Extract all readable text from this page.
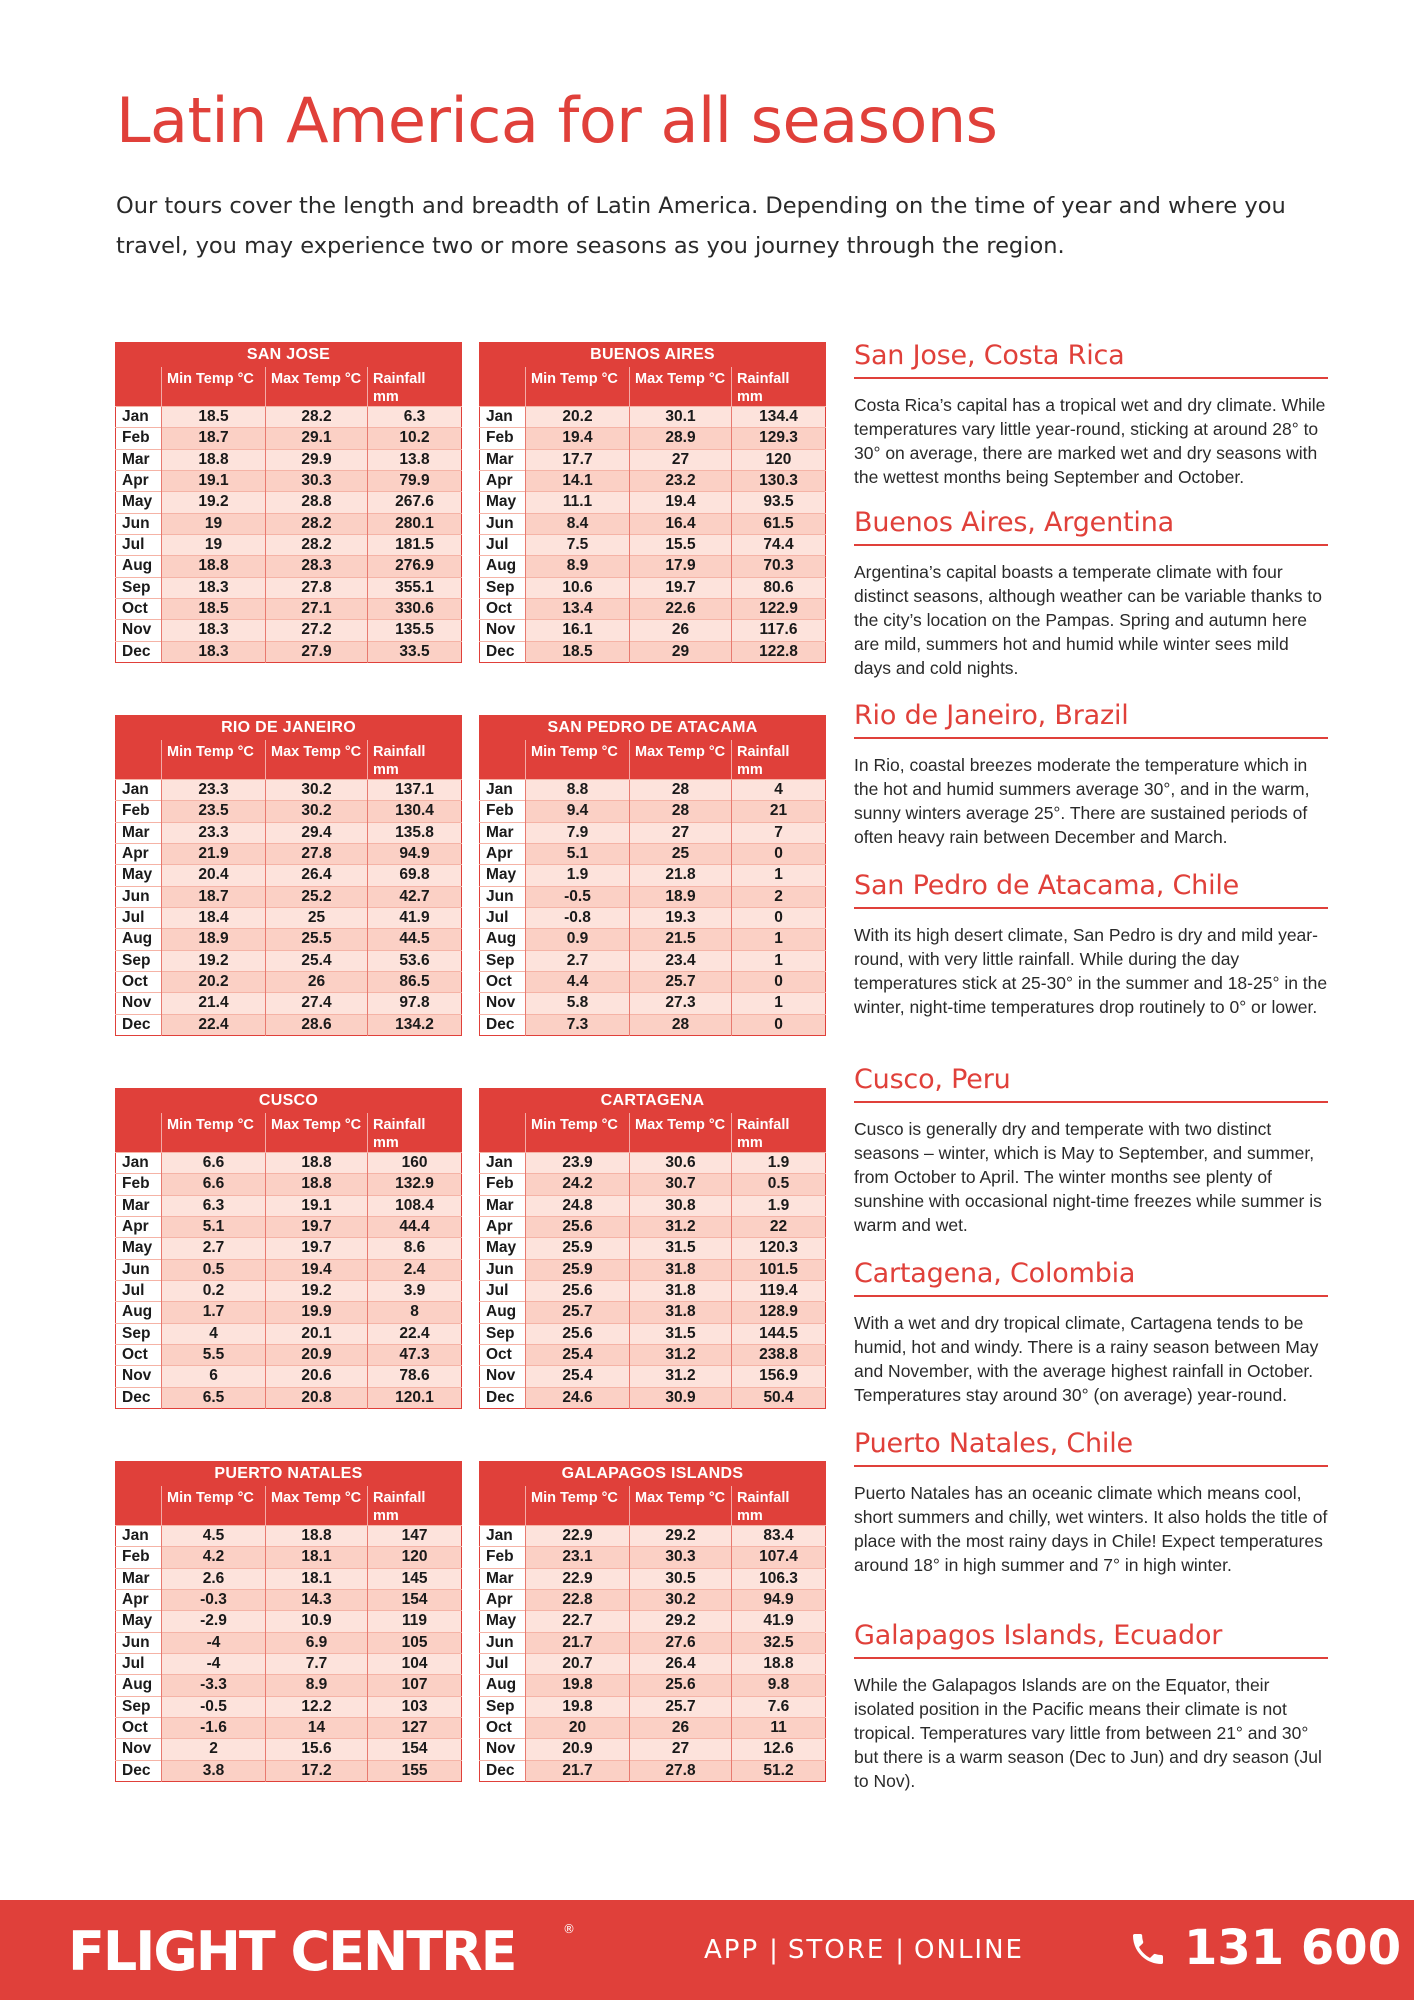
Latin America for all seasons

Our tours cover the length and breadth of Latin America. Depending on the time of year and where you travel, you may experience two or more seasons as you journey through the region.

SAN JOSE			
	Min Temp °C	Max Temp °C	Rainfall
mm
Jan	18.5	28.2	6.3
Feb	18.7	29.1	10.2
Mar	18.8	29.9	13.8
Apr	19.1	30.3	79.9
May	19.2	28.8	267.6
Jun	19	28.2	280.1
Jul	19	28.2	181.5
Aug	18.8	28.3	276.9
Sep	18.3	27.8	355.1
Oct	18.5	27.1	330.6
Nov	18.3	27.2	135.5
Dec	18.3	27.9	33.5
BUENOS AIRES			
	Min Temp °C	Max Temp °C	Rainfall
mm
Jan	20.2	30.1	134.4
Feb	19.4	28.9	129.3
Mar	17.7	27	120
Apr	14.1	23.2	130.3
May	11.1	19.4	93.5
Jun	8.4	16.4	61.5
Jul	7.5	15.5	74.4
Aug	8.9	17.9	70.3
Sep	10.6	19.7	80.6
Oct	13.4	22.6	122.9
Nov	16.1	26	117.6
Dec	18.5	29	122.8
RIO DE JANEIRO			
	Min Temp °C	Max Temp °C	Rainfall
mm
Jan	23.3	30.2	137.1
Feb	23.5	30.2	130.4
Mar	23.3	29.4	135.8
Apr	21.9	27.8	94.9
May	20.4	26.4	69.8
Jun	18.7	25.2	42.7
Jul	18.4	25	41.9
Aug	18.9	25.5	44.5
Sep	19.2	25.4	53.6
Oct	20.2	26	86.5
Nov	21.4	27.4	97.8
Dec	22.4	28.6	134.2
SAN PEDRO DE ATACAMA			
	Min Temp °C	Max Temp °C	Rainfall
mm
Jan	8.8	28	4
Feb	9.4	28	21
Mar	7.9	27	7
Apr	5.1	25	0
May	1.9	21.8	1
Jun	-0.5	18.9	2
Jul	-0.8	19.3	0
Aug	0.9	21.5	1
Sep	2.7	23.4	1
Oct	4.4	25.7	0
Nov	5.8	27.3	1
Dec	7.3	28	0
CUSCO			
	Min Temp °C	Max Temp °C	Rainfall
mm
Jan	6.6	18.8	160
Feb	6.6	18.8	132.9
Mar	6.3	19.1	108.4
Apr	5.1	19.7	44.4
May	2.7	19.7	8.6
Jun	0.5	19.4	2.4
Jul	0.2	19.2	3.9
Aug	1.7	19.9	8
Sep	4	20.1	22.4
Oct	5.5	20.9	47.3
Nov	6	20.6	78.6
Dec	6.5	20.8	120.1
CARTAGENA			
	Min Temp °C	Max Temp °C	Rainfall
mm
Jan	23.9	30.6	1.9
Feb	24.2	30.7	0.5
Mar	24.8	30.8	1.9
Apr	25.6	31.2	22
May	25.9	31.5	120.3
Jun	25.9	31.8	101.5
Jul	25.6	31.8	119.4
Aug	25.7	31.8	128.9
Sep	25.6	31.5	144.5
Oct	25.4	31.2	238.8
Nov	25.4	31.2	156.9
Dec	24.6	30.9	50.4
PUERTO NATALES			
	Min Temp °C	Max Temp °C	Rainfall
mm
Jan	4.5	18.8	147
Feb	4.2	18.1	120
Mar	2.6	18.1	145
Apr	-0.3	14.3	154
May	-2.9	10.9	119
Jun	-4	6.9	105
Jul	-4	7.7	104
Aug	-3.3	8.9	107
Sep	-0.5	12.2	103
Oct	-1.6	14	127
Nov	2	15.6	154
Dec	3.8	17.2	155
GALAPAGOS ISLANDS			
	Min Temp °C	Max Temp °C	Rainfall
mm
Jan	22.9	29.2	83.4
Feb	23.1	30.3	107.4
Mar	22.9	30.5	106.3
Apr	22.8	30.2	94.9
May	22.7	29.2	41.9
Jun	21.7	27.6	32.5
Jul	20.7	26.4	18.8
Aug	19.8	25.6	9.8
Sep	19.8	25.7	7.6
Oct	20	26	11
Nov	20.9	27	12.6
Dec	21.7	27.8	51.2
San Jose, Costa Rica

Costa Rica’s capital has a tropical wet and dry climate. While temperatures vary little year-round, sticking at around 28° to 30° on average, there are marked wet and dry seasons with the wettest months being September and October.

Buenos Aires, Argentina

Argentina’s capital boasts a temperate climate with four distinct seasons, although weather can be variable thanks to the city’s location on the Pampas. Spring and autumn here are mild, summers hot and humid while winter sees mild days and cold nights.

Rio de Janeiro, Brazil

In Rio, coastal breezes moderate the temperature which in the hot and humid summers average 30°, and in the warm, sunny winters average 25°. There are sustained periods of often heavy rain between December and March.

San Pedro de Atacama, Chile

With its high desert climate, San Pedro is dry and mild year-round, with very little rainfall. While during the day temperatures stick at 25-30° in the summer and 18-25° in the winter, night-time temperatures drop routinely to 0° or lower.

Cusco, Peru

Cusco is generally dry and temperate with two distinct seasons – winter, which is May to September, and summer, from October to April. The winter months see plenty of sunshine with occasional night-time freezes while summer is warm and wet.

Cartagena, Colombia

With a wet and dry tropical climate, Cartagena tends to be humid, hot and windy. There is a rainy season between May and November, with the average highest rainfall in October. Temperatures stay around 30° (on average) year-round.

Puerto Natales, Chile

Puerto Natales has an oceanic climate which means cool, short summers and chilly, wet winters. It also holds the title of place with the most rainy days in Chile! Expect temperatures around 18° in high summer and 7° in high winter.

Galapagos Islands, Ecuador

While the Galapagos Islands are on the Equator, their isolated position in the Pacific means their climate is not tropical. Temperatures vary little from between 21° and 30° but there is a warm season (Dec to Jun) and dry season (Jul to Nov).

FLIGHT CENTRE	®
APP | STORE | ONLINE	131 600
